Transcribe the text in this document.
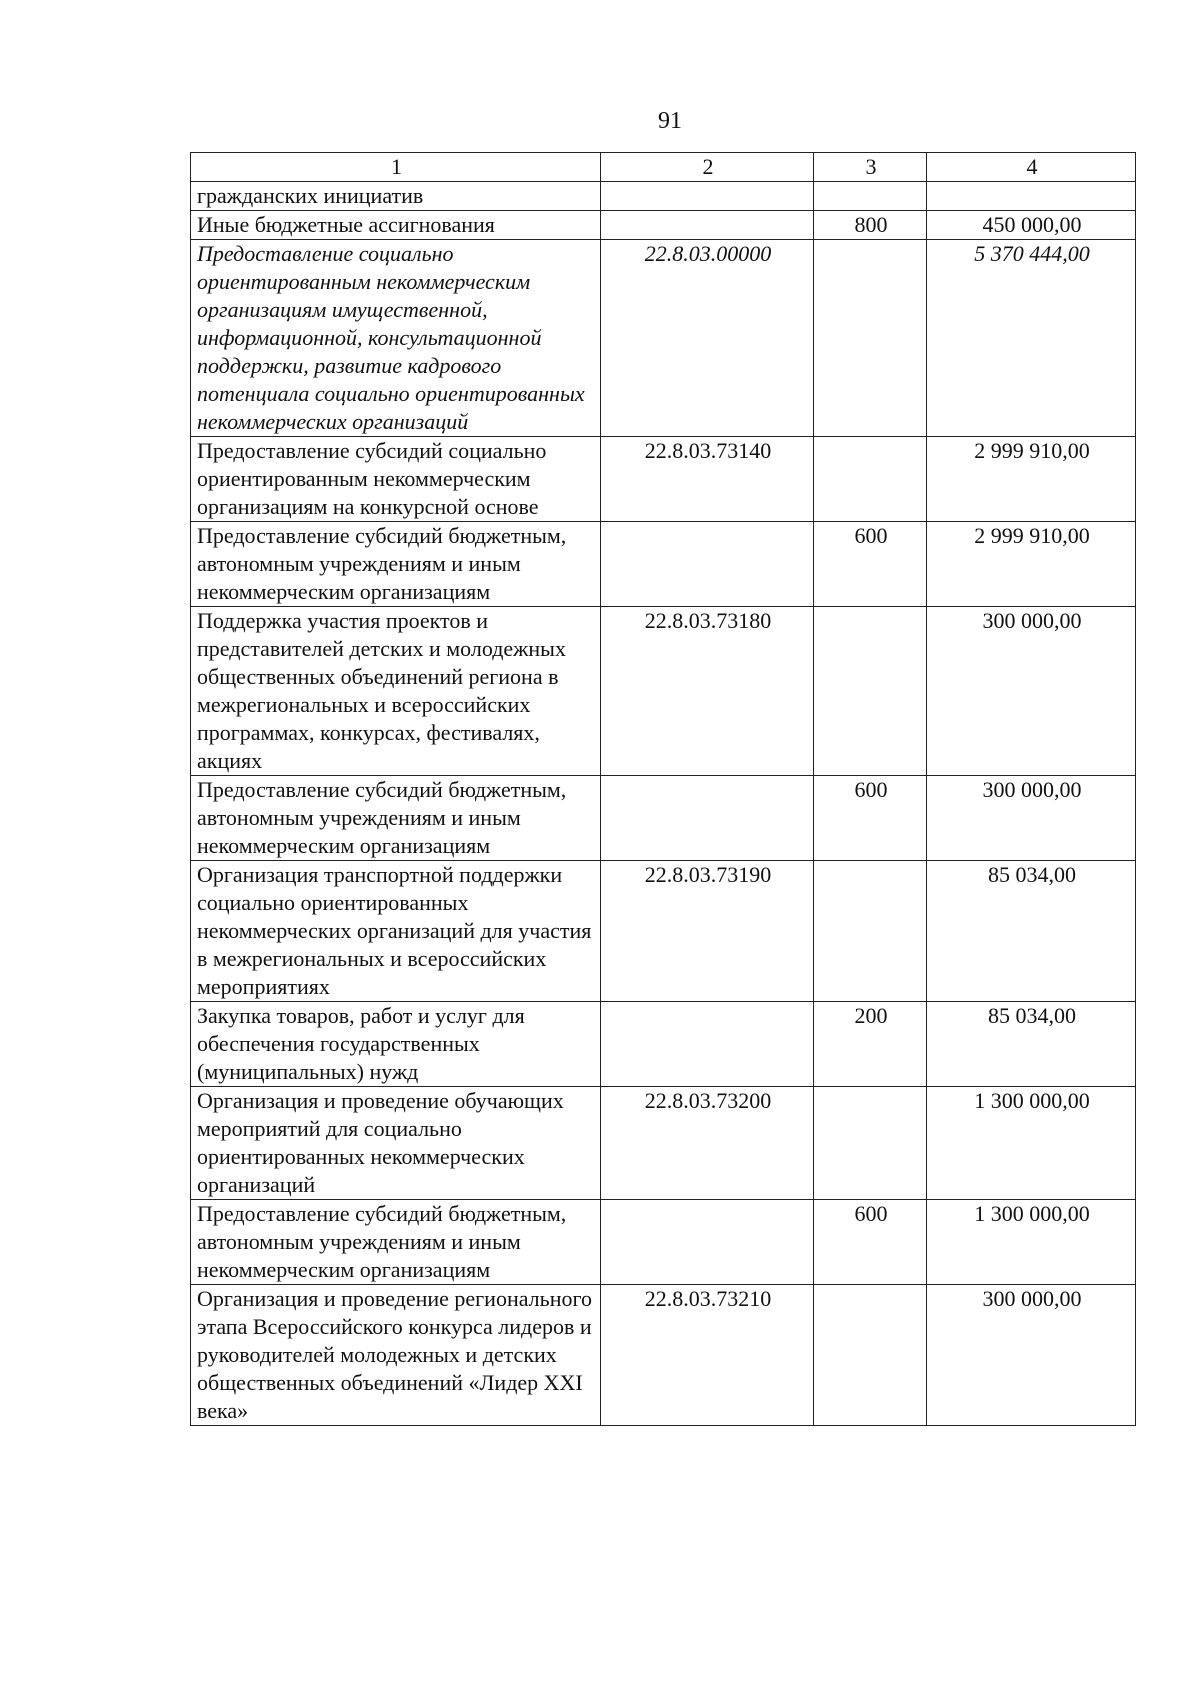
91
1	2	3	4
гражданских инициатив			
Иные бюджетные ассигнования		800	450 000,00
Предоставление социально ориентированным некоммерческим организациям имущественной, информационной, консультационной поддержки, развитие кадрового потенциала социально ориентированных некоммерческих организаций	22.8.03.00000		5 370 444,00
Предоставление субсидий социально ориентированным некоммерческим организациям на конкурсной основе	22.8.03.73140		2 999 910,00
Предоставление субсидий бюджетным, автономным учреждениям и иным некоммерческим организациям		600	2 999 910,00
Поддержка участия проектов и представителей детских и молодежных общественных объединений региона в межрегиональных и всероссийских программах, конкурсах, фестивалях, акциях	22.8.03.73180		300 000,00
Предоставление субсидий бюджетным, автономным учреждениям и иным некоммерческим организациям		600	300 000,00
Организация транспортной поддержки социально ориентированных некоммерческих организаций для участия в межрегиональных и всероссийских мероприятиях	22.8.03.73190		85 034,00
Закупка товаров, работ и услуг для обеспечения государственных (муниципальных) нужд		200	85 034,00
Организация и проведение обучающих мероприятий для социально ориентированных некоммерческих организаций	22.8.03.73200		1 300 000,00
Предоставление субсидий бюджетным, автономным учреждениям и иным некоммерческим организациям		600	1 300 000,00
Организация и проведение регионального этапа Всероссийского конкурса лидеров и руководителей молодежных и детских общественных объединений «Лидер XXI века»	22.8.03.73210		300 000,00
